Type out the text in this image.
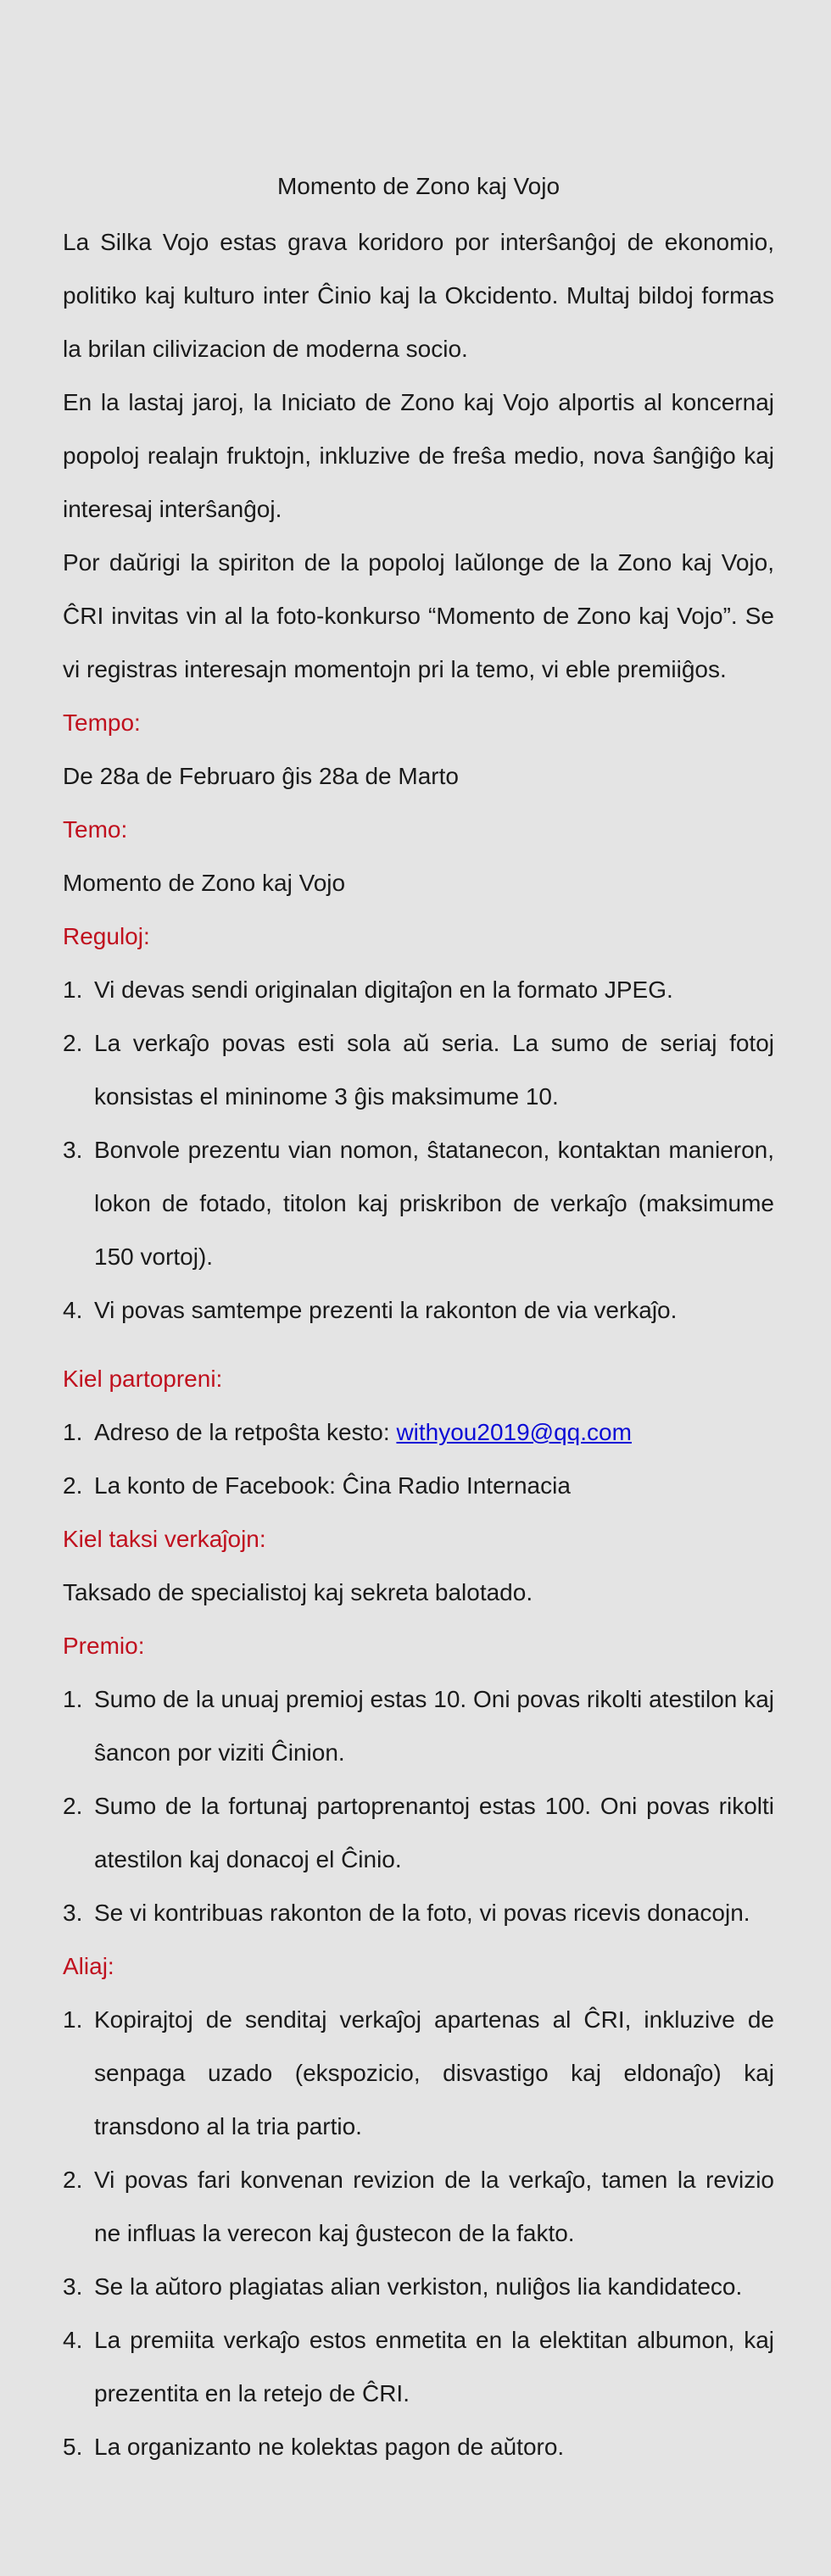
Momento de Zono kaj Vojo

La Silka Vojo estas grava koridoro por interŝanĝoj de ekonomio, politiko kaj kulturo inter Ĉinio kaj la Okcidento. Multaj bildoj formas la brilan cilivizacion de moderna socio.

En la lastaj jaroj, la Iniciato de Zono kaj Vojo alportis al koncernaj popoloj realajn fruktojn, inkluzive de freŝa medio, nova ŝanĝiĝo kaj interesaj interŝanĝoj.

Por daŭrigi la spiriton de la popoloj laŭlonge de la Zono kaj Vojo, ĈRI invitas vin al la foto-konkurso “Momento de Zono kaj Vojo”. Se vi registras interesajn momentojn pri la temo, vi eble premiiĝos.

Tempo:

De 28a de Februaro ĝis 28a de Marto

Temo:

Momento de Zono kaj Vojo

Reguloj:

1. Vi devas sendi originalan digitaĵon en la formato JPEG.
2. La verkaĵo povas esti sola aŭ seria. La sumo de seriaj fotoj konsistas el mininome 3 ĝis maksimume 10.
3. Bonvole prezentu vian nomon, ŝtatanecon, kontaktan manieron, lokon de fotado, titolon kaj priskribon de verkaĵo (maksimume 150 vortoj).
4. Vi povas samtempe prezenti la rakonton de via verkaĵo.

Kiel partopreni:

1. Adreso de la retpoŝta kesto: withyou2019@qq.com
2. La konto de Facebook: Ĉina Radio Internacia

Kiel taksi verkaĵojn:

Taksado de specialistoj kaj sekreta balotado.

Premio:

1. Sumo de la unuaj premioj estas 10. Oni povas rikolti atestilon kaj ŝancon por viziti Ĉinion.
2. Sumo de la fortunaj partoprenantoj estas 100. Oni povas rikolti atestilon kaj donacoj el Ĉinio.
3. Se vi kontribuas rakonton de la foto, vi povas ricevis donacojn.

Aliaj:

1. Kopirajtoj de senditaj verkaĵoj apartenas al ĈRI, inkluzive de senpaga uzado (ekspozicio, disvastigo kaj eldonaĵo) kaj transdono al la tria partio.
2. Vi povas fari konvenan revizion de la verkaĵo, tamen la revizio ne influas la verecon kaj ĝustecon de la fakto.
3. Se la aŭtoro plagiatas alian verkiston, nuliĝos lia kandidateco.
4. La premiita verkaĵo estos enmetita en la elektitan albumon, kaj prezentita en la retejo de ĈRI.
5. La organizanto ne kolektas pagon de aŭtoro.
